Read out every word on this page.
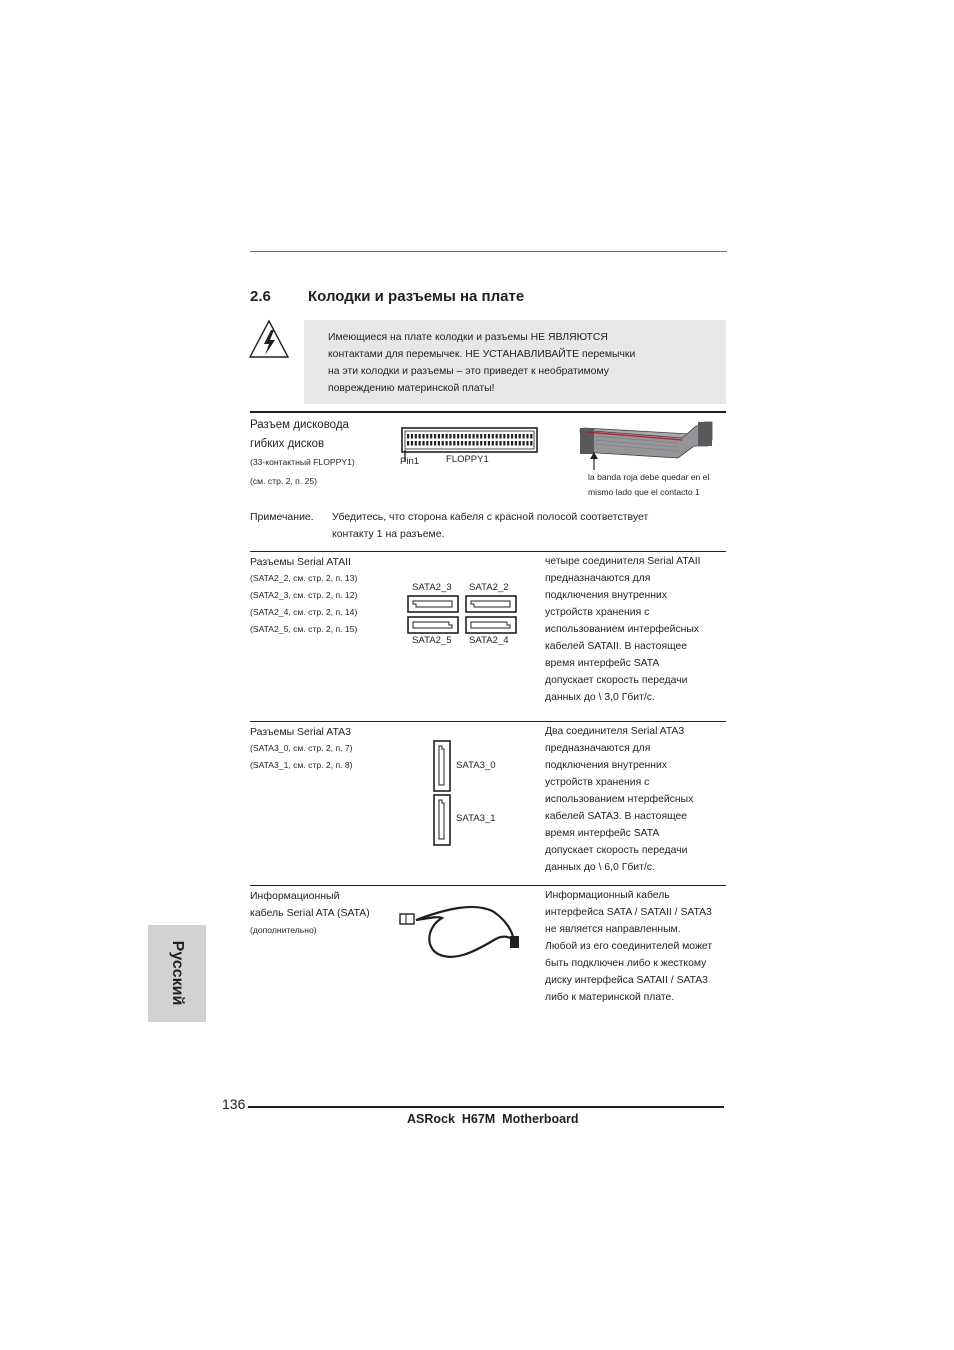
2.6 Колодки и разъемы на плате
Имеющиеся на плате колодки и разъемы НЕ ЯВЛЯЮТСЯ
контактами для перемычек. НЕ УСТАНАВЛИВАЙТЕ перемычки
на эти колодки и разъемы – это приведет к необратимому
повреждению материнской платы!
Разъем дисковода
гибких дисков
(33-контактный FLOPPY1)
(см. стр. 2, п. 25)
Pin1	FLOPPY1
la banda roja debe quedar en el
mismo lado que el contacto 1
Примечание. Убедитесь, что сторона кабеля с красной полосой соответствует
контакту 1 на разъеме.
Разъемы Serial ATAII
(SATA2_2, см. стр. 2, п. 13)
(SATA2_3, см. стр. 2, п. 12)
(SATA2_4, см. стр. 2, п. 14)
(SATA2_5, см. стр. 2, п. 15)
SATA2_3 SATA2_2
SATA2_5 SATA2_4
четыре соединителя Serial ATAII
предназначаются для
подключения внутренних
устройств хранения с
использованием интерфейсных
кабелей SATAII. В настоящее
время интерфейс SATA
допускает скорость передачи
данных до \ 3,0 Гбит/с.
Разъемы Serial ATA3
(SATA3_0, см. стр. 2, п. 7)
(SATA3_1, см. стр. 2, п. 8)	SATA3_0
SATA3_1
Два соединителя Serial ATA3
предназначаются для
подключения внутренних
устройств хранения с
использованием нтерфейсных
кабелей SATA3. В настоящее
время интерфейс SATA
допускает скорость передачи
данных до \ 6,0 Гбит/с.
Информационный
кабель Serial ATA (SATA)
(дополнительно)
Информационный кабель
интерфейса SATA / SATAII / SATA3
не является направленным.
Любой из его соединителей может
быть подключен либо к жесткому
диску интерфейса SATAII / SATA3
либо к материнской плате.
Русский
136
ASRock  H67M  Motherboard
